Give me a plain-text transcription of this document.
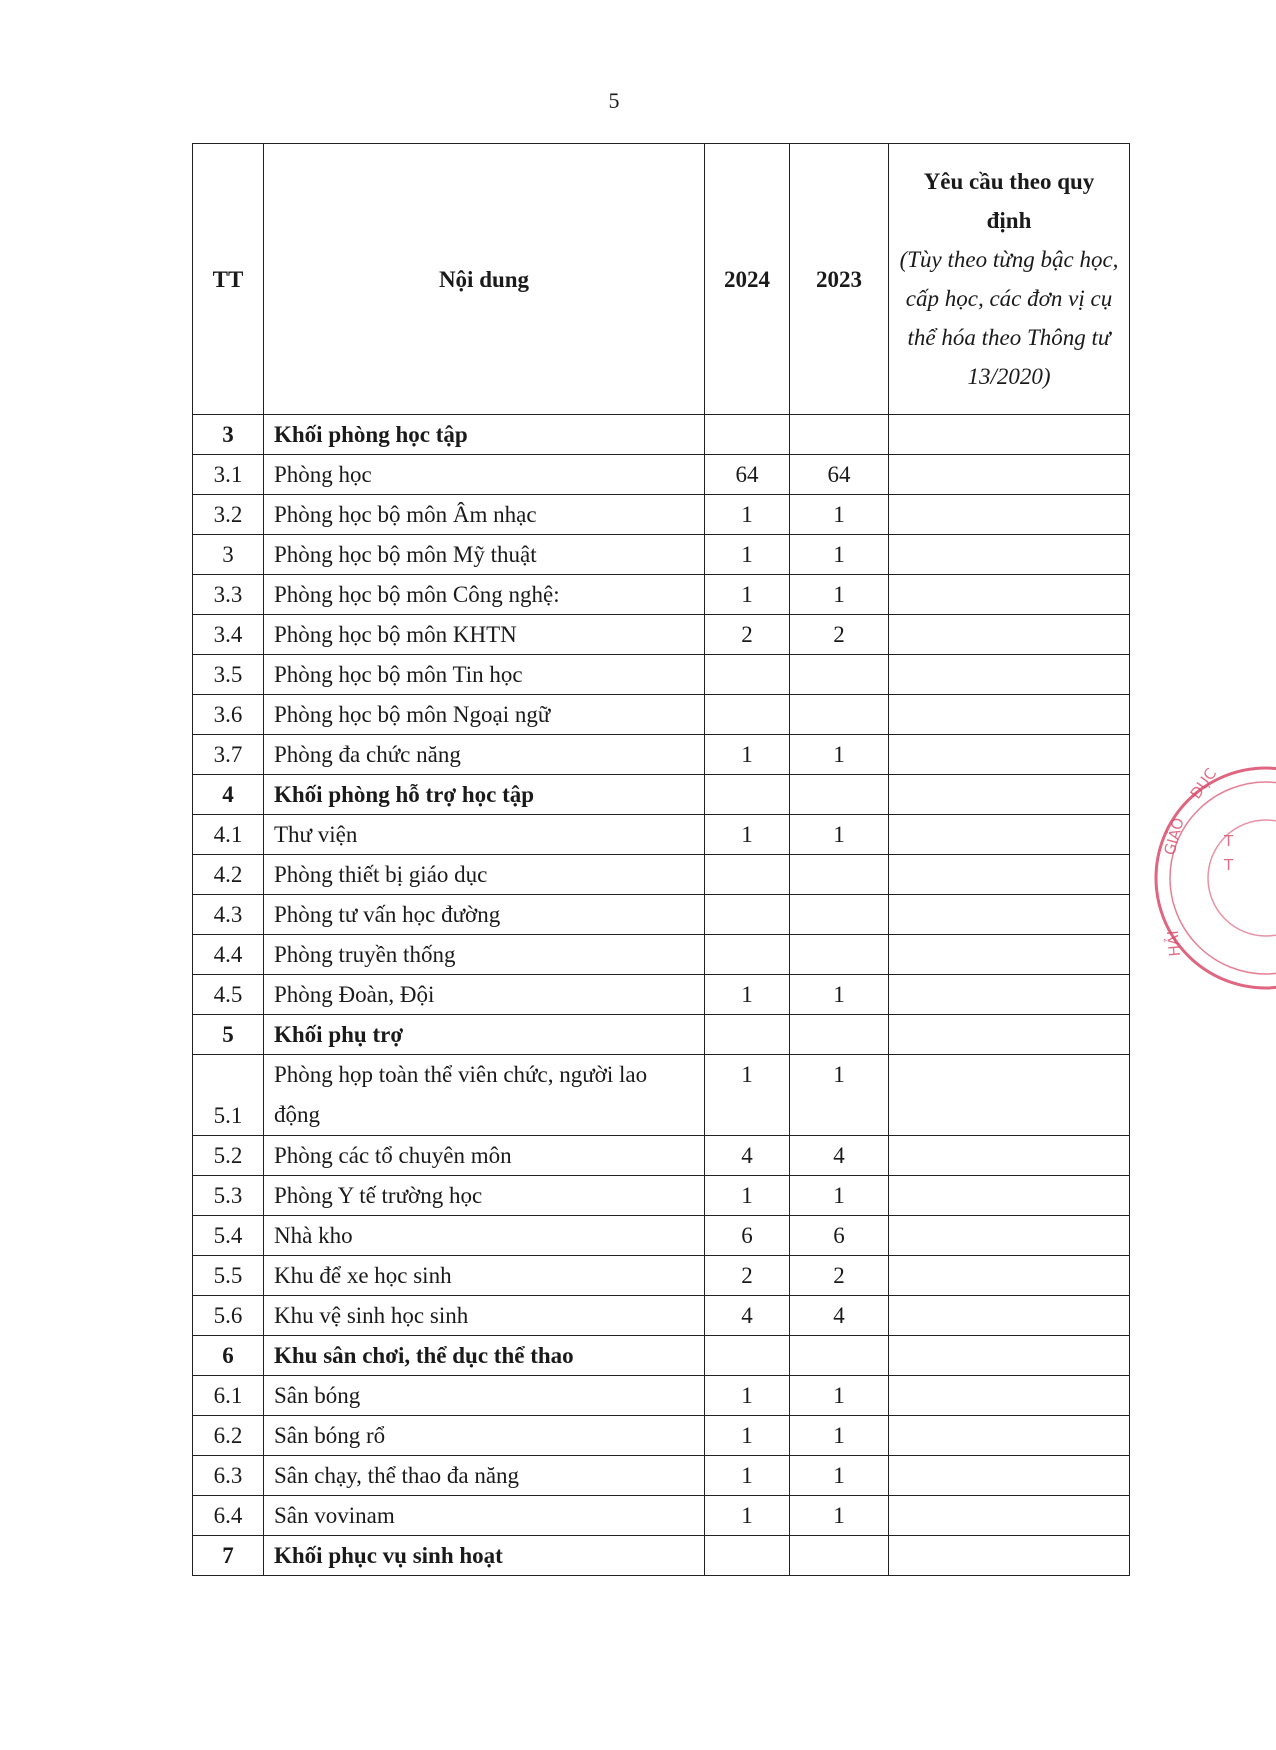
5
TT	Nội dung	2024	2023	Yêu cầu theo quy định
(Tùy theo từng bậc học, cấp học, các đơn vị cụ thể hóa theo Thông tư 13/2020)

3	Khối phòng học tập			
3.1	Phòng học	64	64	
3.2	Phòng học bộ môn Âm nhạc	1	1	
3	Phòng học bộ môn Mỹ thuật	1	1	
3.3	Phòng học bộ môn Công nghệ:	1	1	
3.4	Phòng học bộ môn KHTN	2	2	
3.5	Phòng học bộ môn Tin học			
3.6	Phòng học bộ môn Ngoại ngữ			
3.7	Phòng đa chức năng	1	1	
4	Khối phòng hỗ trợ học tập			
4.1	Thư viện	1	1	
4.2	Phòng thiết bị giáo dục			
4.3	Phòng tư vấn học đường			
4.4	Phòng truyền thống			
4.5	Phòng Đoàn, Đội	1	1	
5	Khối phụ trợ			
5.1	Phòng họp toàn thể viên chức, người lao động	1	1	
5.2	Phòng các tổ chuyên môn	4	4	
5.3	Phòng Y tế trường học	1	1	
5.4	Nhà kho	6	6	
5.5	Khu để xe học sinh	2	2	
5.6	Khu vệ sinh học sinh	4	4	
6	Khu sân chơi, thể dục thể thao			
6.1	Sân bóng	1	1	
6.2	Sân bóng rổ	1	1	
6.3	Sân chạy, thể thao đa năng	1	1	
6.4	Sân vovinam	1	1	
7	Khối phục vụ sinh hoạt			
ĐỤC
GIÁO
HẢI
T
T
